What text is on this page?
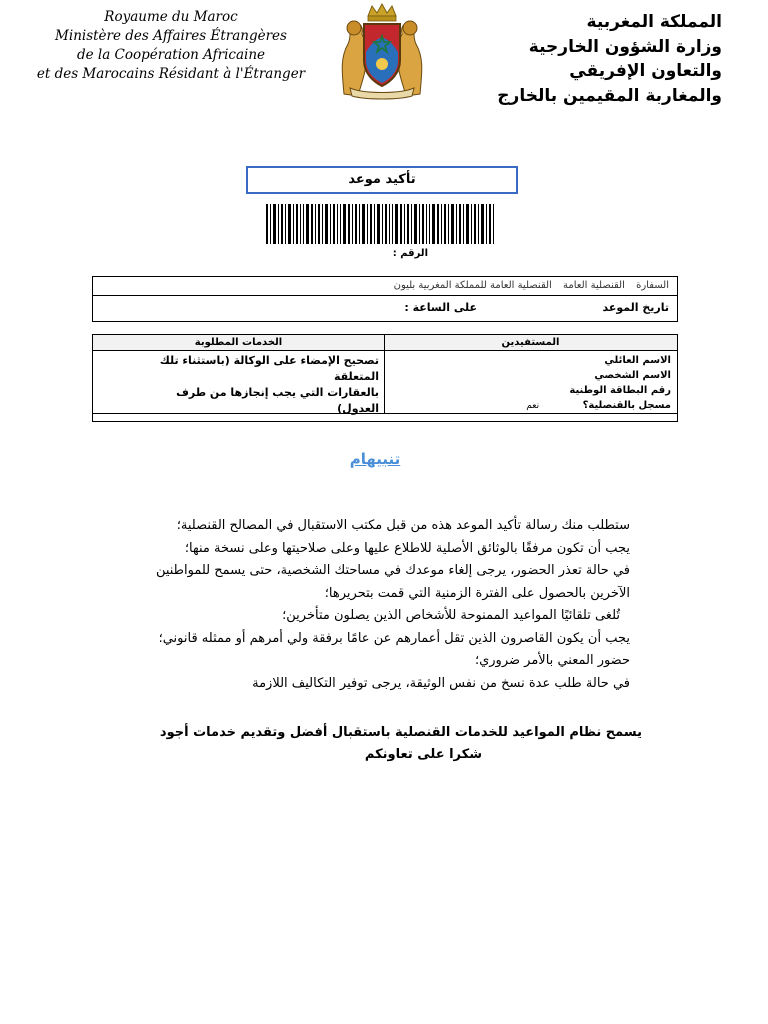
Royaume du Maroc
Ministère des Affaires Étrangères
de la Coopération Africaine
et des Marocains Résidant à l'Étranger
المملكة المغربية
وزارة الشؤون الخارجية
والتعاون الإفريقي
والمغاربة المقيمين بالخارج
تأكيد موعد
الرقم :
السفارة القنصلية العامة القنصلية العامة للمملكة المغربية بليون
تاريخ الموعد
على الساعة :
المستفيدين
الخدمات المطلوبة
الاسم العائلي
الاسم الشخصي
رقم البطاقة الوطنية
مسجل بالقنصلية؟ نعم
تصحيح الإمضاء على الوكالة (باستثناء تلك المتعلقة
بالعقارات التي يجب إنجازها من طرف العدول)
تنبيهام
ستطلب منك رسالة تأكيد الموعد هذه من قبل مكتب الاستقبال في المصالح القنصلية؛
يجب أن تكون مرفقًا بالوثائق الأصلية للاطلاع عليها وعلى صلاحيتها وعلى نسخة منها؛
في حالة تعذر الحضور، يرجى إلغاء موعدك في مساحتك الشخصية، حتى يسمح للمواطنين
الآخرين بالحصول على الفترة الزمنية التي قمت بتحريرها؛
تُلغى تلقائيًا المواعيد الممنوحة للأشخاص الذين يصلون متأخرين؛
يجب أن يكون القاصرون الذين تقل أعمارهم عن عامًا برفقة ولي أمرهم أو ممثله قانوني؛
حضور المعني بالأمر ضروري؛
في حالة طلب عدة نسخ من نفس الوثيقة، يرجى توفير التكاليف اللازمة
يسمح نظام المواعيد للخدمات القنصلية باستقبال أفضل وتقديم خدمات أجود
شكرا على تعاونكم
